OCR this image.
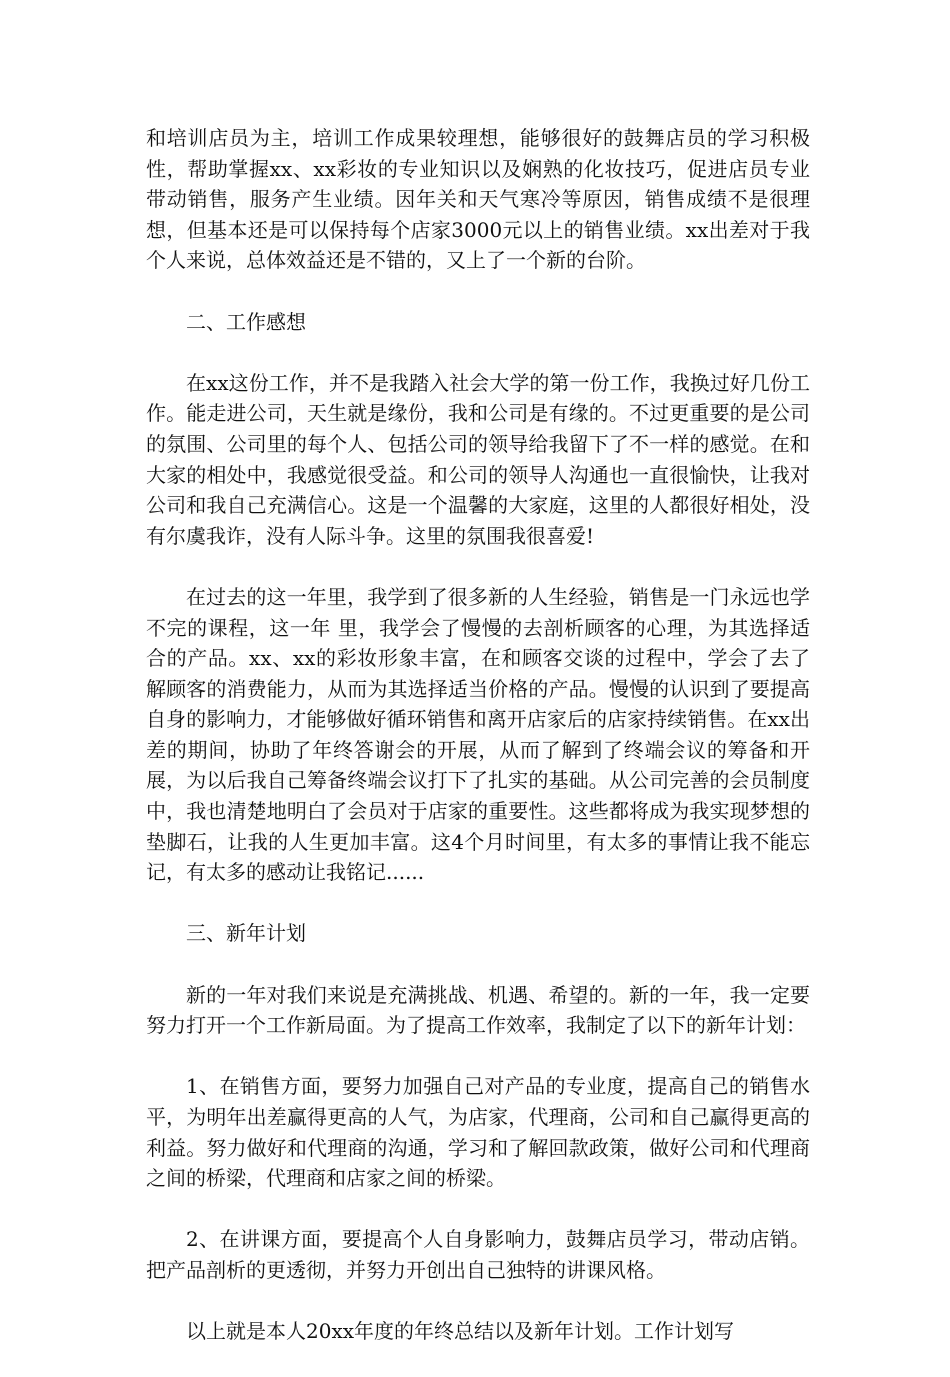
和培训店员为主，培训工作成果较理想，能够很好的鼓舞店员的学习积极性，帮助掌握xx、xx彩妆的专业知识以及娴熟的化妆技巧，促进店员专业带动销售，服务产生业绩。因年关和天气寒冷等原因，销售成绩不是很理想，但基本还是可以保持每个店家3000元以上的销售业绩。xx出差对于我个人来说，总体效益还是不错的，又上了一个新的台阶。

二、工作感想

在xx这份工作，并不是我踏入社会大学的第一份工作，我换过好几份工作。能走进公司，天生就是缘份，我和公司是有缘的。不过更重要的是公司的氛围、公司里的每个人、包括公司的领导给我留下了不一样的感觉。在和大家的相处中，我感觉很受益。和公司的领导人沟通也一直很愉快，让我对公司和我自己充满信心。这是一个温馨的大家庭，这里的人都很好相处，没有尔虞我诈，没有人际斗争。这里的氛围我很喜爱!

在过去的这一年里，我学到了很多新的人生经验，销售是一门永远也学不完的课程，这一年 里，我学会了慢慢的去剖析顾客的心理，为其选择适合的产品。xx、xx的彩妆形象丰富，在和顾客交谈的过程中，学会了去了解顾客的消费能力，从而为其选择适当价格的产品。慢慢的认识到了要提高自身的影响力，才能够做好循环销售和离开店家后的店家持续销售。在xx出差的期间，协助了年终答谢会的开展，从而了解到了终端会议的筹备和开展，为以后我自己筹备终端会议打下了扎实的基础。从公司完善的会员制度中，我也清楚地明白了会员对于店家的重要性。这些都将成为我实现梦想的垫脚石，让我的人生更加丰富。这4个月时间里，有太多的事情让我不能忘记，有太多的感动让我铭记......

三、新年计划

新的一年对我们来说是充满挑战、机遇、希望的。新的一年，我一定要努力打开一个工作新局面。为了提高工作效率，我制定了以下的新年计划：

1、在销售方面，要努力加强自己对产品的专业度，提高自己的销售水平，为明年出差赢得更高的人气，为店家，代理商，公司和自己赢得更高的利益。努力做好和代理商的沟通，学习和了解回款政策，做好公司和代理商之间的桥梁，代理商和店家之间的桥梁。

2、在讲课方面，要提高个人自身影响力，鼓舞店员学习，带动店销。把产品剖析的更透彻，并努力开创出自己独特的讲课风格。

以上就是本人20xx年度的年终总结以及新年计划。工作计划写
